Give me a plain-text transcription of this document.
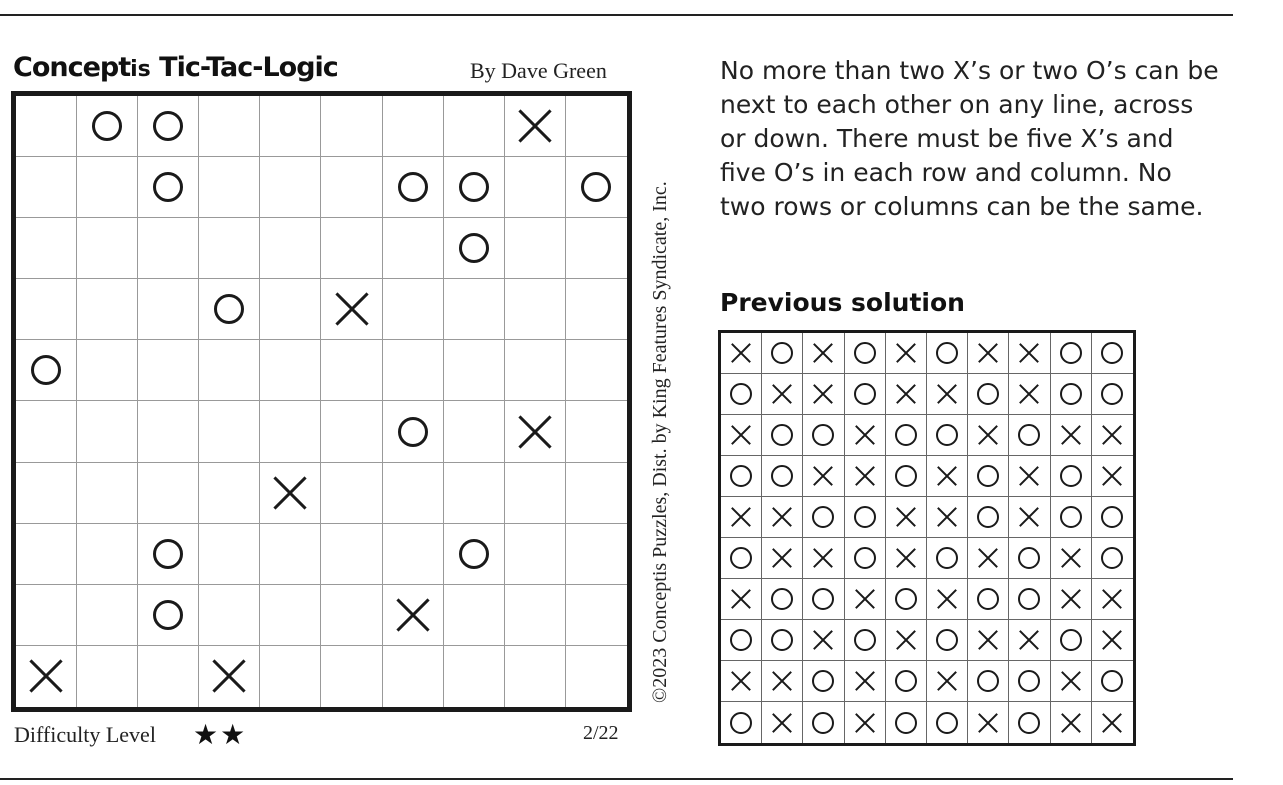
Conceptis Tic-Tac-Logic	By Dave Green
©2023 Conceptis Puzzles, Dist. by King Features Syndicate, Inc.
Difficulty Level ★★	2/22
No more than two X’s or two O’s can be next to each other on any line, across or down. There must be five X’s and five O’s in each row and column. No two rows or columns can be the same.
Previous solution
